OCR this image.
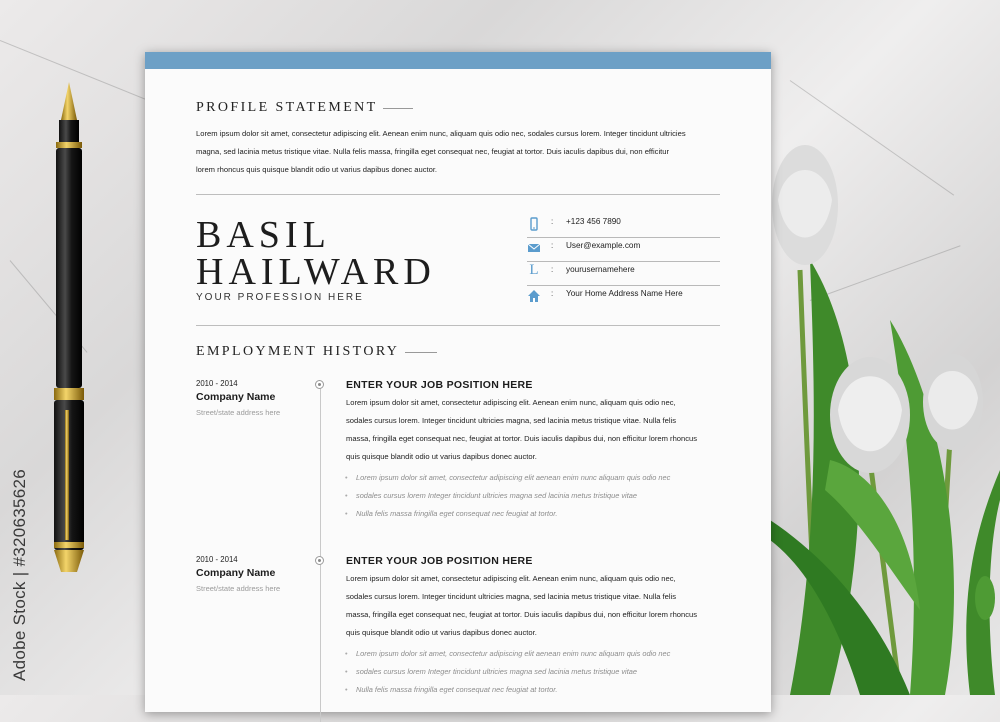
Adobe Stock | #320635626
PROFILE STATEMENT
Lorem ipsum dolor sit amet, consectetur adipiscing elit. Aenean enim nunc, aliquam quis odio nec, sodales cursus lorem. Integer tincidunt ultricies
magna, sed lacinia metus tristique vitae. Nulla felis massa, fringilla eget consequat nec, feugiat at tortor. Duis iaculis dapibus dui, non efficitur
lorem rhoncus quis quisque blandit odio ut varius dapibus donec auctor.
BASIL
HAILWARD
YOUR PROFESSION HERE
: +123 456 7890
: User@example.com
L	: yourusernamehere
: Your Home Address Name Here
EMPLOYMENT HISTORY
2010 - 2014
Company Name
Street/state address here
ENTER YOUR JOB POSITION HERE
Lorem ipsum dolor sit amet, consectetur adipiscing elit. Aenean enim nunc, aliquam quis odio nec,
sodales cursus lorem. Integer tincidunt ultricies magna, sed lacinia metus tristique vitae. Nulla felis
massa, fringilla eget consequat nec, feugiat at tortor. Duis iaculis dapibus dui, non efficitur lorem rhoncus
quis quisque blandit odio ut varius dapibus donec auctor.
• Lorem ipsum dolor sit amet, consectetur adipiscing elit aenean enim nunc aliquam quis odio nec
• sodales cursus lorem Integer tincidunt ultricies magna sed lacinia metus tristique vitae
• Nulla felis massa fringilla eget consequat nec feugiat at tortor.
2010 - 2014
Company Name
Street/state address here
ENTER YOUR JOB POSITION HERE
Lorem ipsum dolor sit amet, consectetur adipiscing elit. Aenean enim nunc, aliquam quis odio nec,
sodales cursus lorem. Integer tincidunt ultricies magna, sed lacinia metus tristique vitae. Nulla felis
massa, fringilla eget consequat nec, feugiat at tortor. Duis iaculis dapibus dui, non efficitur lorem rhoncus
quis quisque blandit odio ut varius dapibus donec auctor.
• Lorem ipsum dolor sit amet, consectetur adipiscing elit aenean enim nunc aliquam quis odio nec
• sodales cursus lorem Integer tincidunt ultricies magna sed lacinia metus tristique vitae
• Nulla felis massa fringilla eget consequat nec feugiat at tortor.
